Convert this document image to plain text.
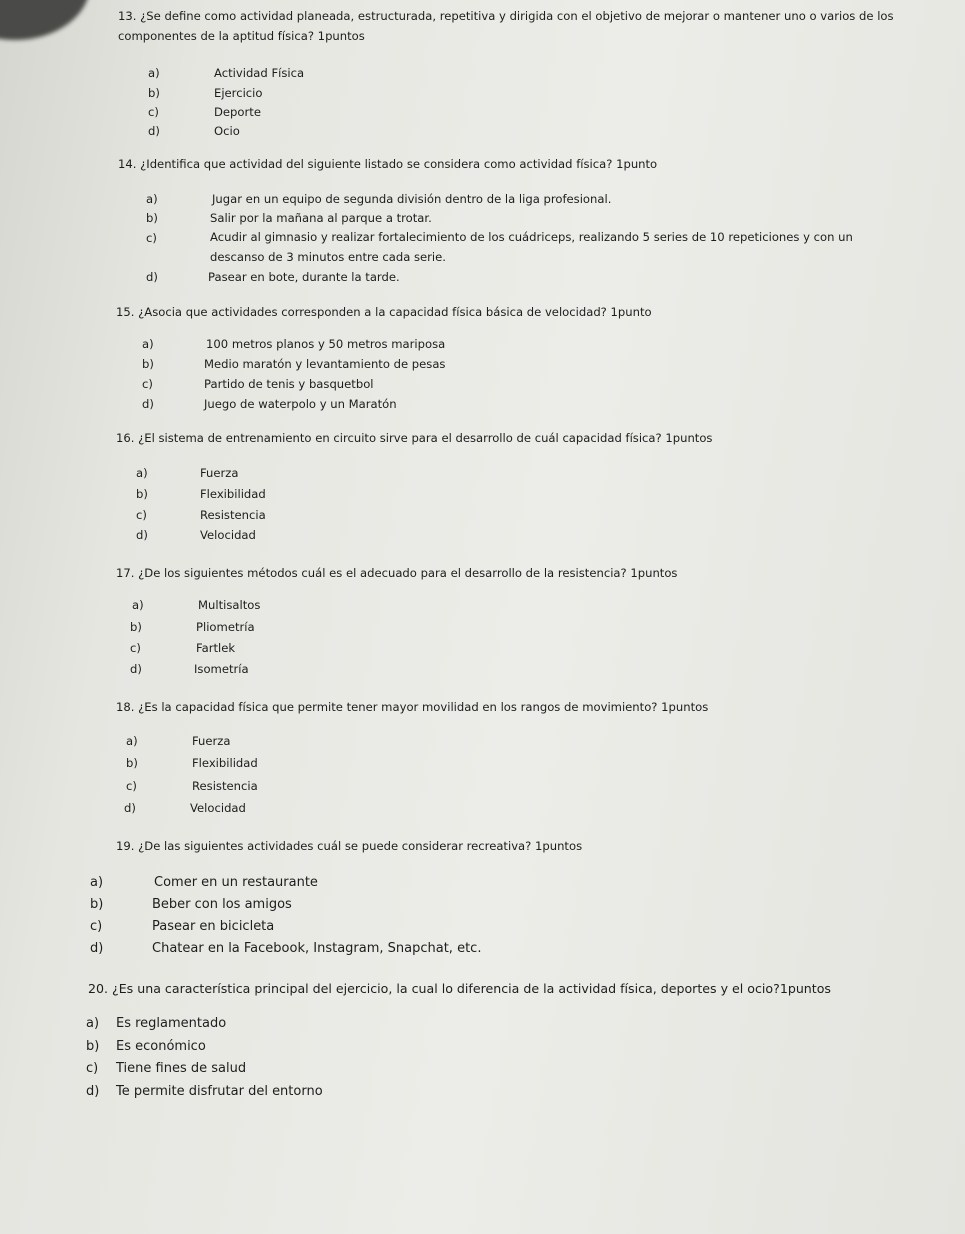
13. ¿Se define como actividad planeada, estructurada, repetitiva y dirigida con el objetivo de mejorar o mantener uno o varios de los componentes de la aptitud física? 1puntos

a)	Actividad Física
b)	Ejercicio
c)	Deporte
d)	Ocio

14. ¿Identifica que actividad del siguiente listado se considera como actividad física? 1punto

a)	Jugar en un equipo de segunda división dentro de la liga profesional.
b)	Salir por la mañana al parque a trotar.
c)	Acudir al gimnasio y realizar fortalecimiento de los cuádriceps, realizando 5 series de 10 repeticiones y con un descanso de 3 minutos entre cada serie.
d)	Pasear en bote, durante la tarde.

15. ¿Asocia que actividades corresponden a la capacidad física básica de velocidad? 1punto

a)	100 metros planos y 50 metros mariposa
b)	Medio maratón y levantamiento de pesas
c)	Partido de tenis y basquetbol
d)	Juego de waterpolo y un Maratón

16. ¿El sistema de entrenamiento en circuito sirve para el desarrollo de cuál capacidad física? 1puntos

a)	Fuerza
b)	Flexibilidad
c)	Resistencia
d)	Velocidad

17. ¿De los siguientes métodos cuál es el adecuado para el desarrollo de la resistencia? 1puntos

a)	Multisaltos
b)	Pliometría
c)	Fartlek
d)	Isometría

18. ¿Es la capacidad física que permite tener mayor movilidad en los rangos de movimiento? 1puntos

a)	Fuerza
b)	Flexibilidad
c)	Resistencia
d)	Velocidad

19. ¿De las siguientes actividades cuál se puede considerar recreativa? 1puntos

a)	Comer en un restaurante
b)	Beber con los amigos
c)	Pasear en bicicleta
d)	Chatear en la Facebook, Instagram, Snapchat, etc.

20. ¿Es una característica principal del ejercicio, la cual lo diferencia de la actividad física, deportes y el ocio?1puntos

a) Es reglamentado
b) Es económico
c) Tiene fines de salud
d) Te permite disfrutar del entorno
